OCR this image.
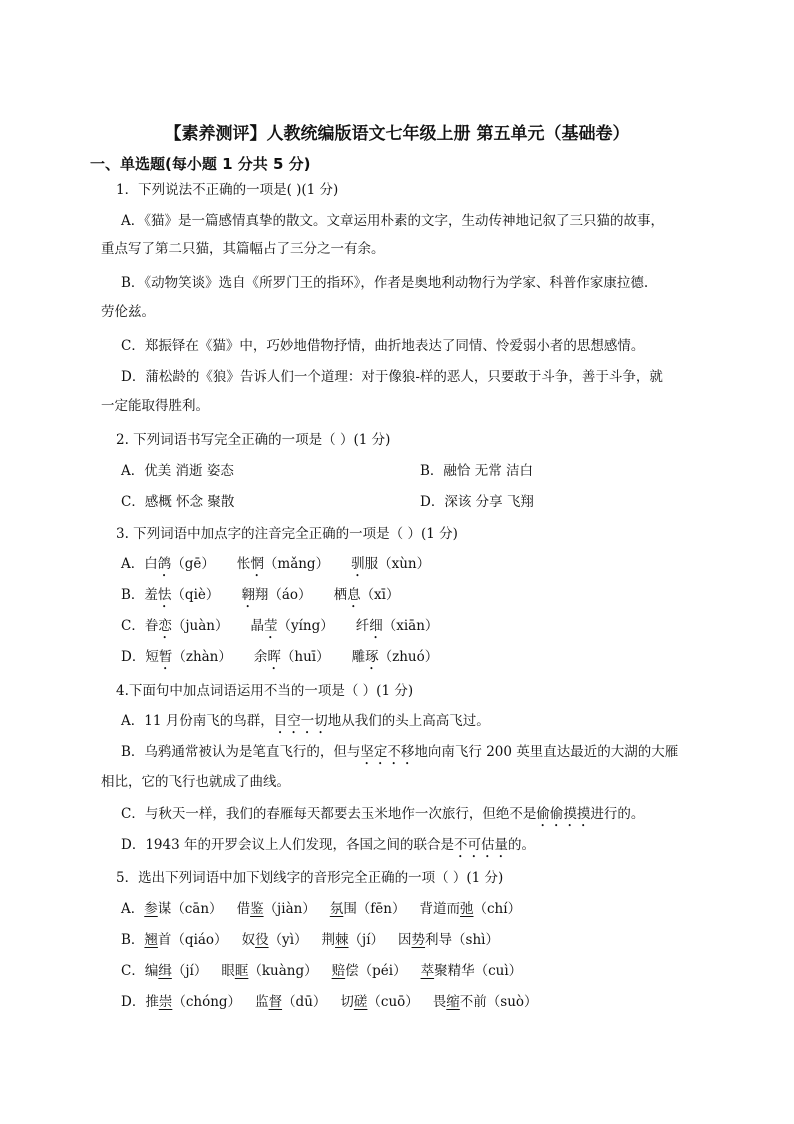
【素养测评】人教统编版语文七年级上册 第五单元（基础卷）
一、单选题(每小题 1 分共 5 分)
1．下列说法不正确的一项是( )(1 分)
A．《猫》是一篇感情真挚的散文。文章运用朴素的文字，生动传神地记叙了三只猫的故事，
重点写了第二只猫，其篇幅占了三分之一有余。
B．《动物笑谈》选自《所罗门王的指环》，作者是奥地利动物行为学家、科普作家康拉德.
劳伦兹。
C．郑振铎在《猫》中，巧妙地借物抒情，曲折地表达了同情、怜爱弱小者的思想感情。
D．蒲松龄的《狼》告诉人们一个道理：对于像狼-样的恶人，只要敢于斗争，善于斗争，就
一定能取得胜利。
2. 下列词语书写完全正确的一项是（ ）(1 分)
A．优美 消逝 姿态	B．融恰 无常 洁白
C．感概 怀念 聚散	D．深该 分享 飞翔
3. 下列词语中加点字的注音完全正确的一项是（ ）(1 分)
A．白鸽（gē） 怅惘（mǎng） 驯服（xùn）
B．羞怯（qiè） 翱翔（áo） 栖息（xī）
C．眷恋（juàn） 晶莹（yíng） 纤细（xiān）
D．短暂（zhàn） 余晖（huī） 雕琢（zhuó）
4.下面句中加点词语运用不当的一项是（ ）(1 分)
A．11 月份南飞的鸟群，目空一切地从我们的头上高高飞过。
B．乌鸦通常被认为是笔直飞行的，但与坚定不移地向南飞行 200 英里直达最近的大湖的大雁
相比，它的飞行也就成了曲线。
C．与秋天一样，我们的春雁每天都要去玉米地作一次旅行，但绝不是偷偷摸摸进行的。
D．1943 年的开罗会议上人们发现，各国之间的联合是不可估量的。
5．选出下列词语中加下划线字的音形完全正确的一项（ ）(1 分)
A．参谋（cān） 借鉴（jiàn） 氛围（fēn） 背道而弛（chí）
B．翘首（qiáo） 奴役（yì） 荆棘（jí） 因势利导（shì）
C．编缉（jí） 眼眶（kuàng） 赔偿（péi） 萃聚精华（cuì）
D．推崇（chóng） 监督（dū） 切磋（cuō） 畏缩不前（suò）
